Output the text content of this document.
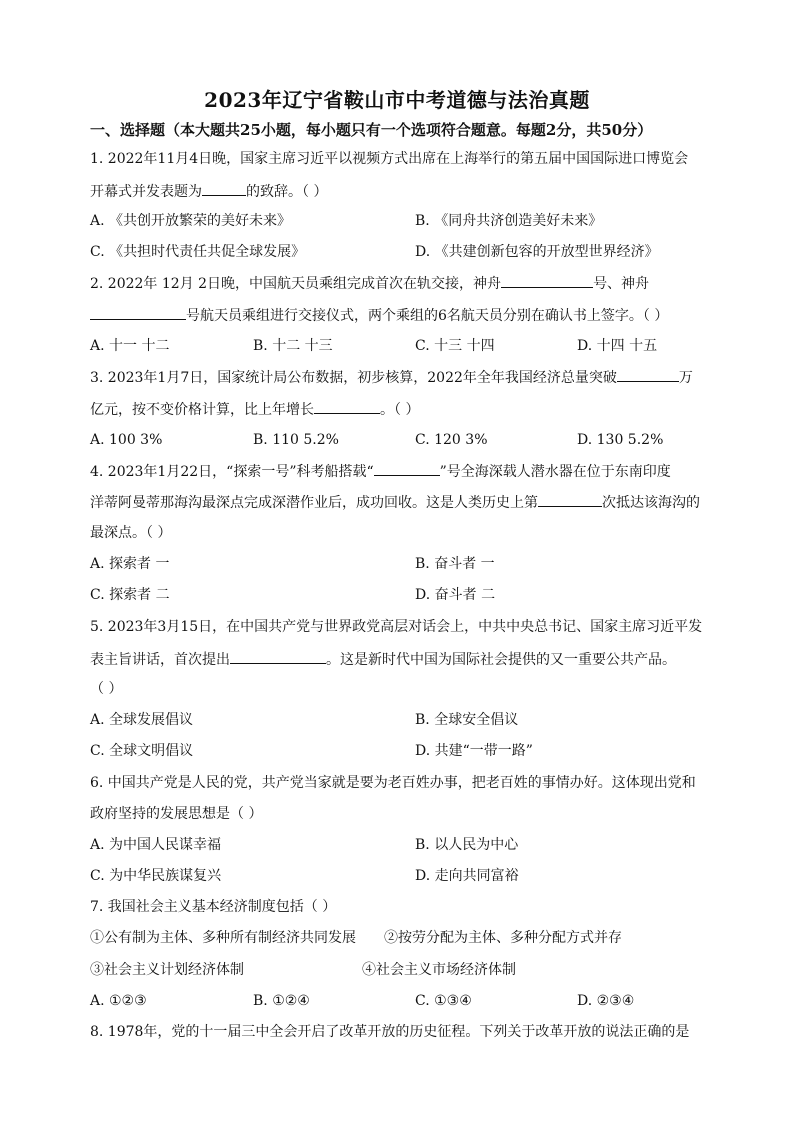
2023年辽宁省鞍山市中考道德与法治真题
一、选择题（本大题共25小题，每小题只有一个选项符合题意。每题2分，共50分）
1. 2022年11月4日晚，国家主席习近平以视频方式出席在上海举行的第五届中国国际进口博览会
开幕式并发表题为	的致辞。（ ）
A. 《共创开放繁荣的美好未来》	B. 《同舟共济创造美好未来》
C. 《共担时代责任共促全球发展》	D. 《共建创新包容的开放型世界经济》
2. 2022年 12月 2日晚，中国航天员乘组完成首次在轨交接，神舟	号、神舟
号航天员乘组进行交接仪式，两个乘组的6名航天员分别在确认书上签字。（ ）
A. 十一 十二	B. 十二 十三	C. 十三 十四	D. 十四 十五
3. 2023年1月7日，国家统计局公布数据，初步核算，2022年全年我国经济总量突破	万
亿元，按不变价格计算，比上年增长	。（ ）
A. 100 3%	B. 110 5.2%	C. 120 3%	D. 130 5.2%
4. 2023年1月22日，“探索一号”科考船搭载“	”号全海深载人潜水器在位于东南印度
洋蒂阿曼蒂那海沟最深点完成深潜作业后，成功回收。这是人类历史上第	次抵达该海沟的
最深点。（ ）
A. 探索者 一	B. 奋斗者 一
C. 探索者 二	D. 奋斗者 二
5. 2023年3月15日，在中国共产党与世界政党高层对话会上，中共中央总书记、国家主席习近平发
表主旨讲话，首次提出	。这是新时代中国为国际社会提供的又一重要公共产品。
（ ）
A. 全球发展倡议	B. 全球安全倡议
C. 全球文明倡议	D. 共建“一带一路”
6. 中国共产党是人民的党，共产党当家就是要为老百姓办事，把老百姓的事情办好。这体现出党和
政府坚持的发展思想是（ ）
A. 为中国人民谋幸福	B. 以人民为中心
C. 为中华民族谋复兴	D. 走向共同富裕
7. 我国社会主义基本经济制度包括（ ）
①公有制为主体、多种所有制经济共同发展 ②按劳分配为主体、多种分配方式并存
③社会主义计划经济体制	④社会主义市场经济体制
A. ①②③	B. ①②④	C. ①③④	D. ②③④
8. 1978年，党的十一届三中全会开启了改革开放的历史征程。下列关于改革开放的说法正确的是
